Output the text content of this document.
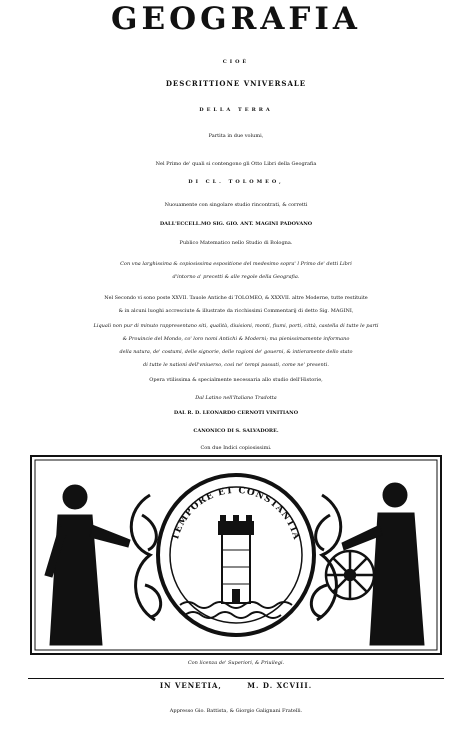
GEOGRAFIA
CIOÈ
DESCRITTIONE VNIVERSALE
DELLA TERRA
Partita in due volumi,
Nel Primo de' quali si contengono gli Otto Libri della Geografia
DI CL. TOLOMEO,
Nuouamente con singolare studio rincontrati, & corretti
DALL'ECCELL.MO SIG. GIO. ANT. MAGINI PADOVANO
Publico Matematico nello Studio di Bologna.
Con vna larghissima & copiosissima espositione del medesimo sopra' l Primo de' detti Libri
d'intorno a' precetti & alle regole della Geografia.
Nel Secondo vi sono poste XXVII. Tauole Antiche di TOLOMEO, & XXXVII. altre Moderne, tutte restituite
& in alcuni luoghi accresciute & illustrate da ricchissimi Commentarij di detto Sig. MAGINI,
Liquali non pur di minuto rappresentano siti, qualità, diuisioni, monti, fiumi, porti, città, castella di tutte le parti
& Prouincie del Mondo, co' loro nomi Antichi & Moderni; ma pienissimamente informano
della natura, de' costumi, delle signorie, delle ragioni de' gouerni, & intieramente dello stato
di tutte le nationi dell'vniuerso, così ne' tempi passati, come ne' presenti.
Opera vtilissima & specialmente necessaria allo studio dell'Historie,
Dal Latino nell'Italiano Tradotta
DAL R. D. LEONARDO CERNOTI VINITIANO
CANONICO DI S. SALVADORE.
Con due Indici copiosissimi.
TEMPORE ET CONSTANTIA
Con licenza de' Superiori, & Priuilegi.
IN VENETIA,	M. D. XCVIII.
Appresso Gio. Battista, & Giorgio Galignani Fratelli.
